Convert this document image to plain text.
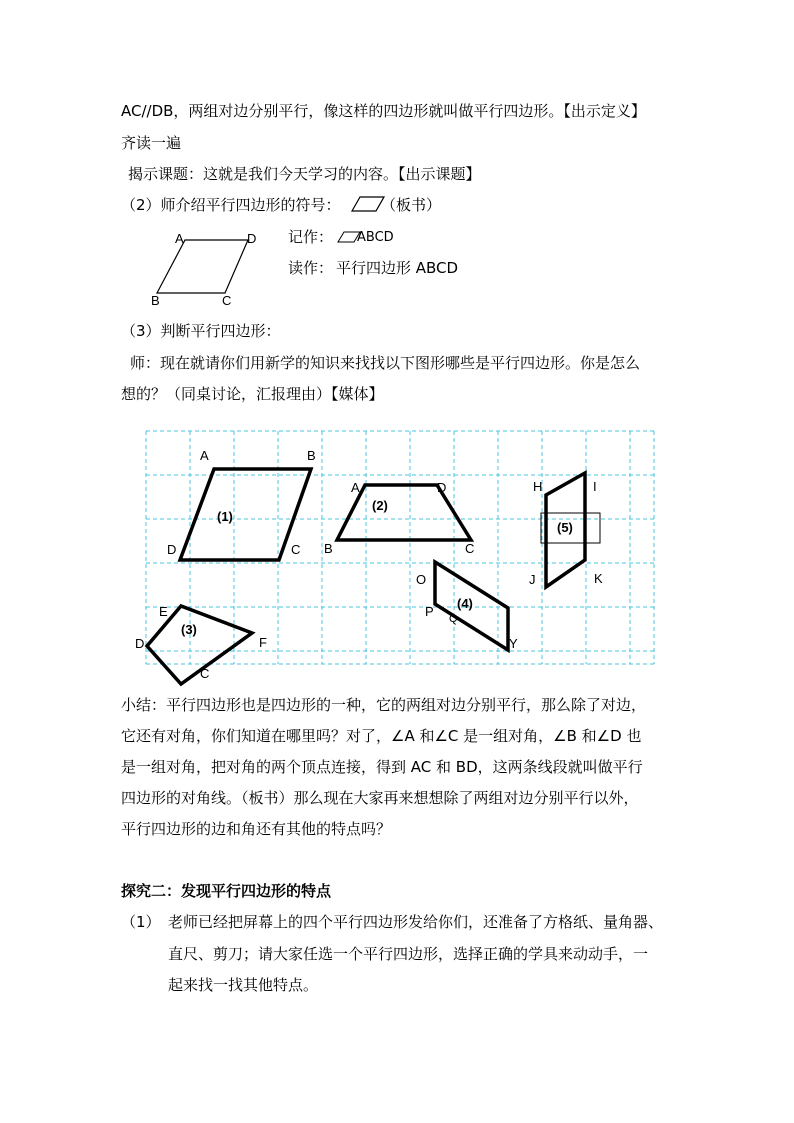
AC//DB，两组对边分别平行，像这样的四边形就叫做平行四边形。【出示定义】
齐读一遍
揭示课题：这就是我们今天学习的内容。【出示课题】
（2）师介绍平行四边形的符号：	（板书）
A	D
B	C
记作： ABCD
读作： 平行四边形 ABCD
（3）判断平行四边形：
师：现在就请你们用新学的知识来找找以下图形哪些是平行四边形。你是怎么
想的？（同桌讨论，汇报理由）【媒体】
A	B
D	C
(1)
A	D
B	C
(2)
E
D	F
C
(3)
O
P Q
Y
(4)
H	I
J	K
(5)
小结：平行四边形也是四边形的一种，它的两组对边分别平行，那么除了对边，
它还有对角，你们知道在哪里吗？对了，∠A 和∠C 是一组对角，∠B 和∠D 也
是一组对角，把对角的两个顶点连接，得到 AC 和 BD，这两条线段就叫做平行
四边形的对角线。（板书）那么现在大家再来想想除了两组对边分别平行以外，
平行四边形的边和角还有其他的特点吗？
探究二：发现平行四边形的特点
（1） 老师已经把屏幕上的四个平行四边形发给你们，还准备了方格纸、量角器、
直尺、剪刀；请大家任选一个平行四边形，选择正确的学具来动动手，一
起来找一找其他特点。
